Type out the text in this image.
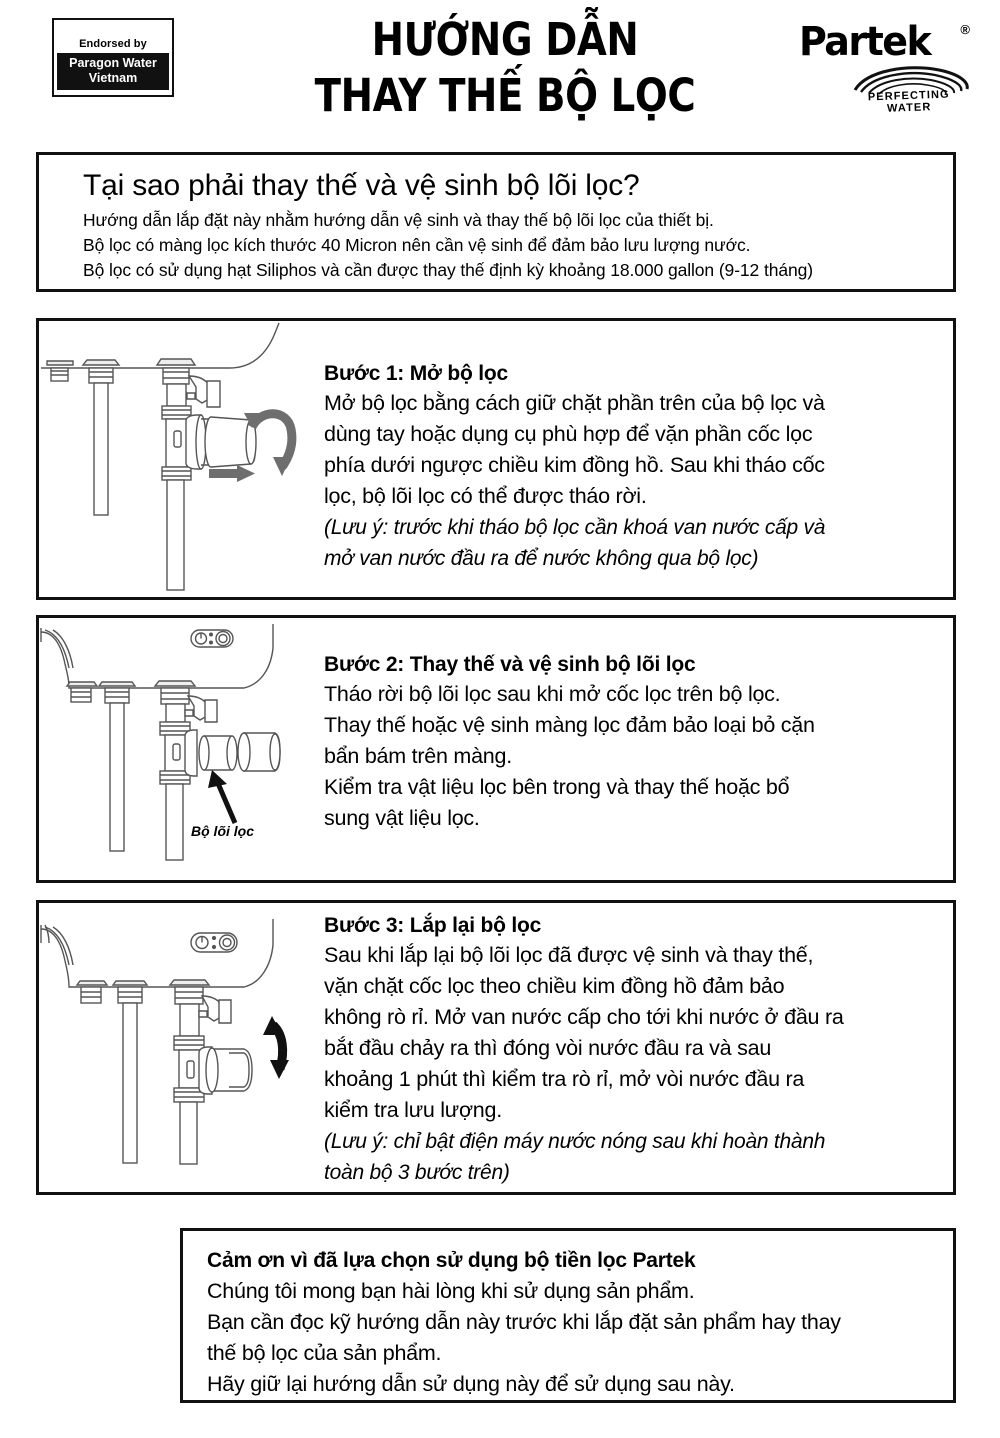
Endorsed by
Paragon Water
Vietnam
HƯỚNG DẪN
THAY THẾ BỘ LỌC
Partek ®
PERFECTING WATER
Tại sao phải thay thế và vệ sinh bộ lõi lọc?
Hướng dẫn lắp đặt này nhằm hướng dẫn vệ sinh và thay thế bộ lõi lọc của thiết bị.
Bộ lọc có màng lọc kích thước 40 Micron nên cần vệ sinh để đảm bảo lưu lượng nước.
Bộ lọc có sử dụng hạt Siliphos và cần được thay thế định kỳ khoảng 18.000 gallon (9-12 tháng)
Bước 1: Mở bộ lọc
Mở bộ lọc bằng cách giữ chặt phần trên của bộ lọc và
dùng tay hoặc dụng cụ phù hợp để vặn phần cốc lọc
phía dưới ngược chiều kim đồng hồ. Sau khi tháo cốc
lọc, bộ lõi lọc có thể được tháo rời.
(Lưu ý: trước khi tháo bộ lọc cần khoá van nước cấp và
mở van nước đầu ra để nước không qua bộ lọc)
Bộ lõi lọc
Bước 2: Thay thế và vệ sinh bộ lõi lọc
Tháo rời bộ lõi lọc sau khi mở cốc lọc trên bộ lọc.
Thay thế hoặc vệ sinh màng lọc đảm bảo loại bỏ cặn
bẩn bám trên màng.
Kiểm tra vật liệu lọc bên trong và thay thế hoặc bổ
sung vật liệu lọc.
Bước 3: Lắp lại bộ lọc
Sau khi lắp lại bộ lõi lọc đã được vệ sinh và thay thế,
vặn chặt cốc lọc theo chiều kim đồng hồ đảm bảo
không rò rỉ. Mở van nước cấp cho tới khi nước ở đầu ra
bắt đầu chảy ra thì đóng vòi nước đầu ra và sau
khoảng 1 phút thì kiểm tra rò rỉ, mở vòi nước đầu ra
kiểm tra lưu lượng.
(Lưu ý: chỉ bật điện máy nước nóng sau khi hoàn thành
toàn bộ 3 bước trên)
Cảm ơn vì đã lựa chọn sử dụng bộ tiền lọc Partek
Chúng tôi mong bạn hài lòng khi sử dụng sản phẩm.
Bạn cần đọc kỹ hướng dẫn này trước khi lắp đặt sản phẩm hay thay
thế bộ lọc của sản phẩm.
Hãy giữ lại hướng dẫn sử dụng này để sử dụng sau này.
